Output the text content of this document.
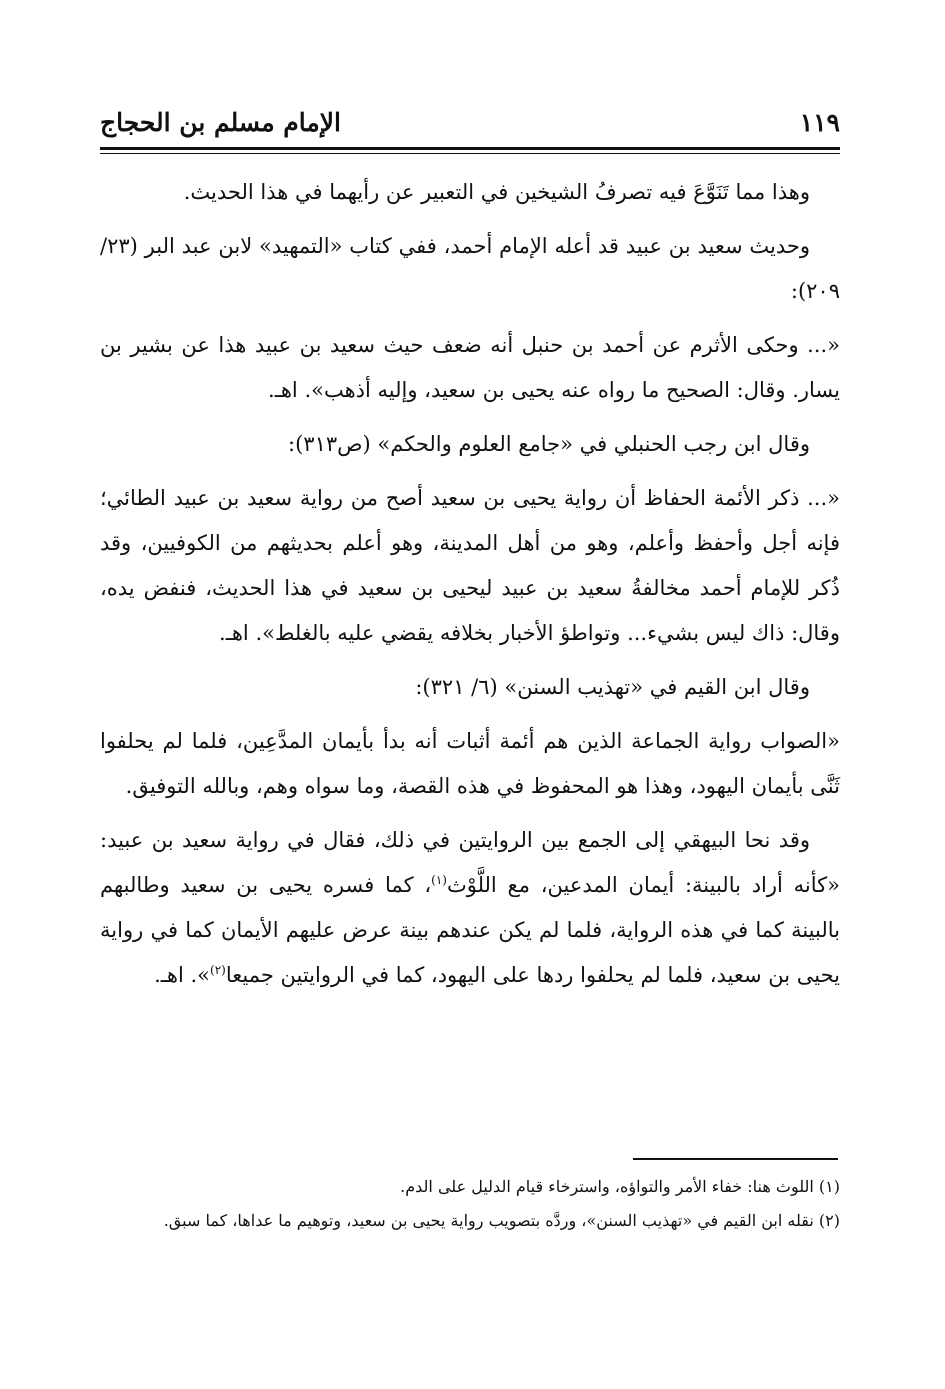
الإمام مسلم بن الحجاج	١١٩

وهذا مما تَنَوَّعَ فيه تصرفُ الشيخين في التعبير عن رأيهما في هذا الحديث.

وحديث سعيد بن عبيد قد أعله الإمام أحمد، ففي كتاب «التمهيد» لابن عبد البر (٢٣/ ٢٠٩):

«... وحكى الأثرم عن أحمد بن حنبل أنه ضعف حيث سعيد بن عبيد هذا عن بشير بن يسار. وقال: الصحيح ما رواه عنه يحيى بن سعيد، وإليه أذهب». اهـ.

وقال ابن رجب الحنبلي في «جامع العلوم والحكم» (ص٣١٣):

«... ذكر الأئمة الحفاظ أن رواية يحيى بن سعيد أصح من رواية سعيد بن عبيد الطائي؛ فإنه أجل وأحفظ وأعلم، وهو من أهل المدينة، وهو أعلم بحديثهم من الكوفيين، وقد ذُكر للإمام أحمد مخالفةُ سعيد بن عبيد ليحيى بن سعيد في هذا الحديث، فنفض يده، وقال: ذاك ليس بشيء... وتواطؤ الأخبار بخلافه يقضي عليه بالغلط». اهـ.

وقال ابن القيم في «تهذيب السنن» (٦/ ٣٢١):

«الصواب رواية الجماعة الذين هم أئمة أثبات أنه بدأ بأيمان المدَّعِين، فلما لم يحلفوا ثَنَّى بأيمان اليهود، وهذا هو المحفوظ في هذه القصة، وما سواه وهم، وبالله التوفيق.

وقد نحا البيهقي إلى الجمع بين الروايتين في ذلك، فقال في رواية سعيد بن عبيد: «كأنه أراد بالبينة: أيمان المدعين، مع اللَّوْث$^{(١)}$، كما فسره يحيى بن سعيد وطالبهم بالبينة كما في هذه الرواية، فلما لم يكن عندهم بينة عرض عليهم الأيمان كما في رواية يحيى بن سعيد، فلما لم يحلفوا ردها على اليهود، كما في الروايتين جميعا$^{(٢)}$». اهـ.

(١) اللوث هنا: خفاء الأمر والتواؤه، واسترخاء قيام الدليل على الدم.

(٢) نقله ابن القيم في «تهذيب السنن»، وردَّه بتصويب رواية يحيى بن سعيد، وتوهيم ما عداها، كما سبق.
